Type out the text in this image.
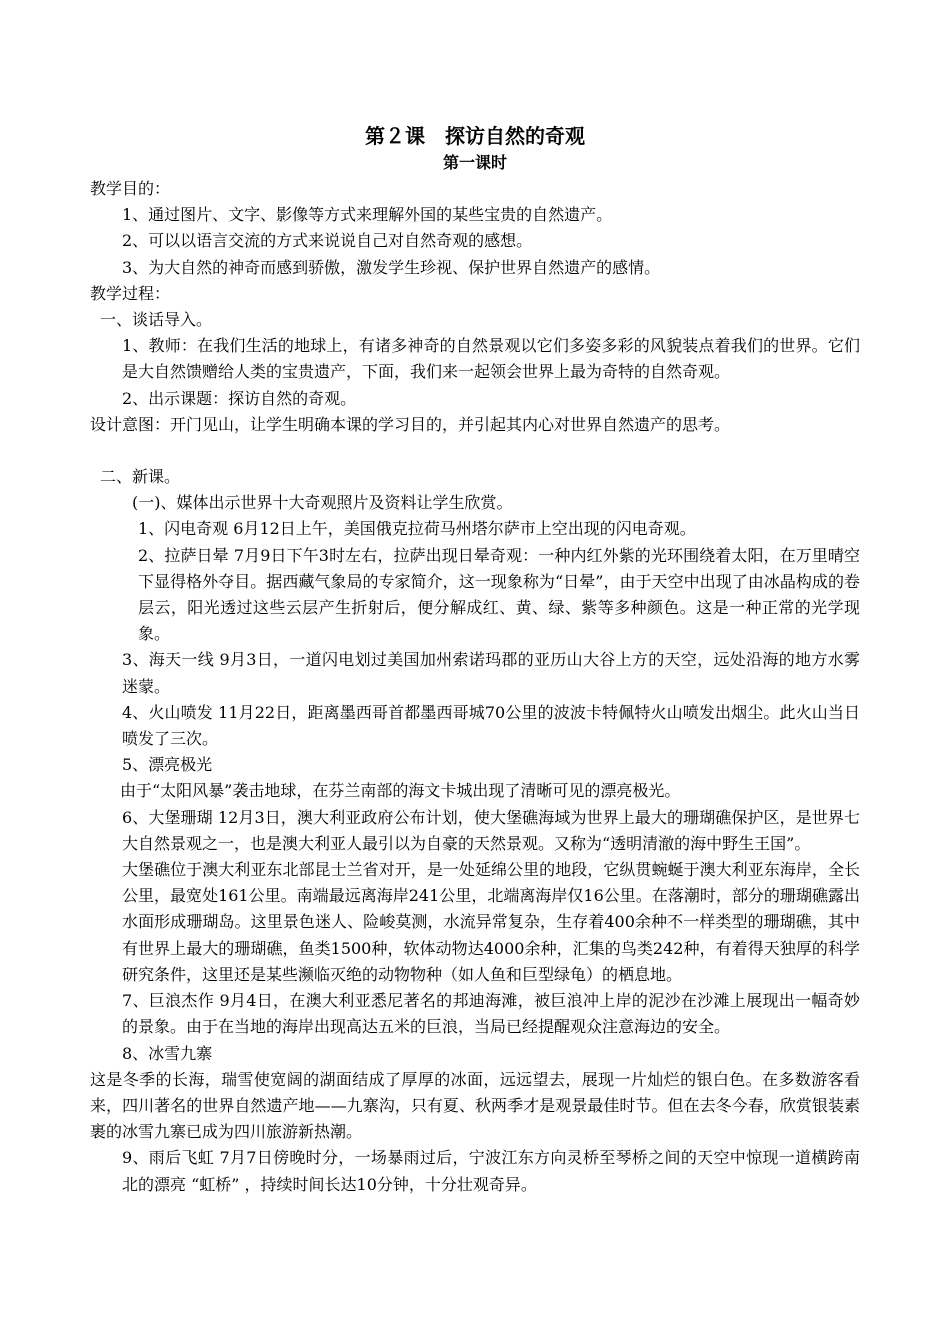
第２课　探访自然的奇观
第一课时

教学目的：

1、通过图片、文字、影像等方式来理解外国的某些宝贵的自然遗产。

2、可以以语言交流的方式来说说自己对自然奇观的感想。

3、为大自然的神奇而感到骄傲，激发学生珍视、保护世界自然遗产的感情。

教学过程：

一、谈话导入。

1、教师：在我们生活的地球上，有诸多神奇的自然景观以它们多姿多彩的风貌装点着我们的世界。它们是大自然馈赠给人类的宝贵遗产，下面，我们来一起领会世界上最为奇特的自然奇观。

2、出示课题：探访自然的奇观。

设计意图：开门见山，让学生明确本课的学习目的，并引起其内心对世界自然遗产的思考。

二、新课。

(一)、媒体出示世界十大奇观照片及资料让学生欣赏。

1、闪电奇观 6月12日上午，美国俄克拉荷马州塔尔萨市上空出现的闪电奇观。

2、拉萨日晕 7月9日下午3时左右，拉萨出现日晕奇观：一种内红外紫的光环围绕着太阳，在万里晴空下显得格外夺目。据西藏气象局的专家简介，这一现象称为“日晕”，由于天空中出现了由冰晶构成的卷层云，阳光透过这些云层产生折射后，便分解成红、黄、绿、紫等多种颜色。这是一种正常的光学现象。

3、海天一线 9月3日，一道闪电划过美国加州索诺玛郡的亚历山大谷上方的天空，远处沿海的地方水雾迷蒙。

4、火山喷发 11月22日，距离墨西哥首都墨西哥城70公里的波波卡特佩特火山喷发出烟尘。此火山当日喷发了三次。

5、漂亮极光

由于“太阳风暴”袭击地球，在芬兰南部的海文卡城出现了清晰可见的漂亮极光。

6、大堡珊瑚 12月3日，澳大利亚政府公布计划，使大堡礁海域为世界上最大的珊瑚礁保护区，是世界七大自然景观之一，也是澳大利亚人最引以为自豪的天然景观。又称为“透明清澈的海中野生王国”。

大堡礁位于澳大利亚东北部昆士兰省对开，是一处延绵公里的地段，它纵贯蜿蜒于澳大利亚东海岸，全长公里，最宽处161公里。南端最远离海岸241公里，北端离海岸仅16公里。在落潮时，部分的珊瑚礁露出水面形成珊瑚岛。这里景色迷人、险峻莫测，水流异常复杂，生存着400余种不一样类型的珊瑚礁，其中有世界上最大的珊瑚礁，鱼类1500种，软体动物达4000余种，汇集的鸟类242种，有着得天独厚的科学研究条件，这里还是某些濒临灭绝的动物物种（如人鱼和巨型绿龟）的栖息地。

7、巨浪杰作 9月4日，在澳大利亚悉尼著名的邦迪海滩，被巨浪冲上岸的泥沙在沙滩上展现出一幅奇妙的景象。由于在当地的海岸出现高达五米的巨浪，当局已经提醒观众注意海边的安全。

8、冰雪九寨

这是冬季的长海，瑞雪使宽阔的湖面结成了厚厚的冰面，远远望去，展现一片灿烂的银白色。在多数游客看来，四川著名的世界自然遗产地——九寨沟，只有夏、秋两季才是观景最佳时节。但在去冬今春，欣赏银装素裹的冰雪九寨已成为四川旅游新热潮。

9、雨后飞虹 7月7日傍晚时分，一场暴雨过后，宁波江东方向灵桥至琴桥之间的天空中惊现一道横跨南北的漂亮 “虹桥” ，持续时间长达10分钟，十分壮观奇异。
